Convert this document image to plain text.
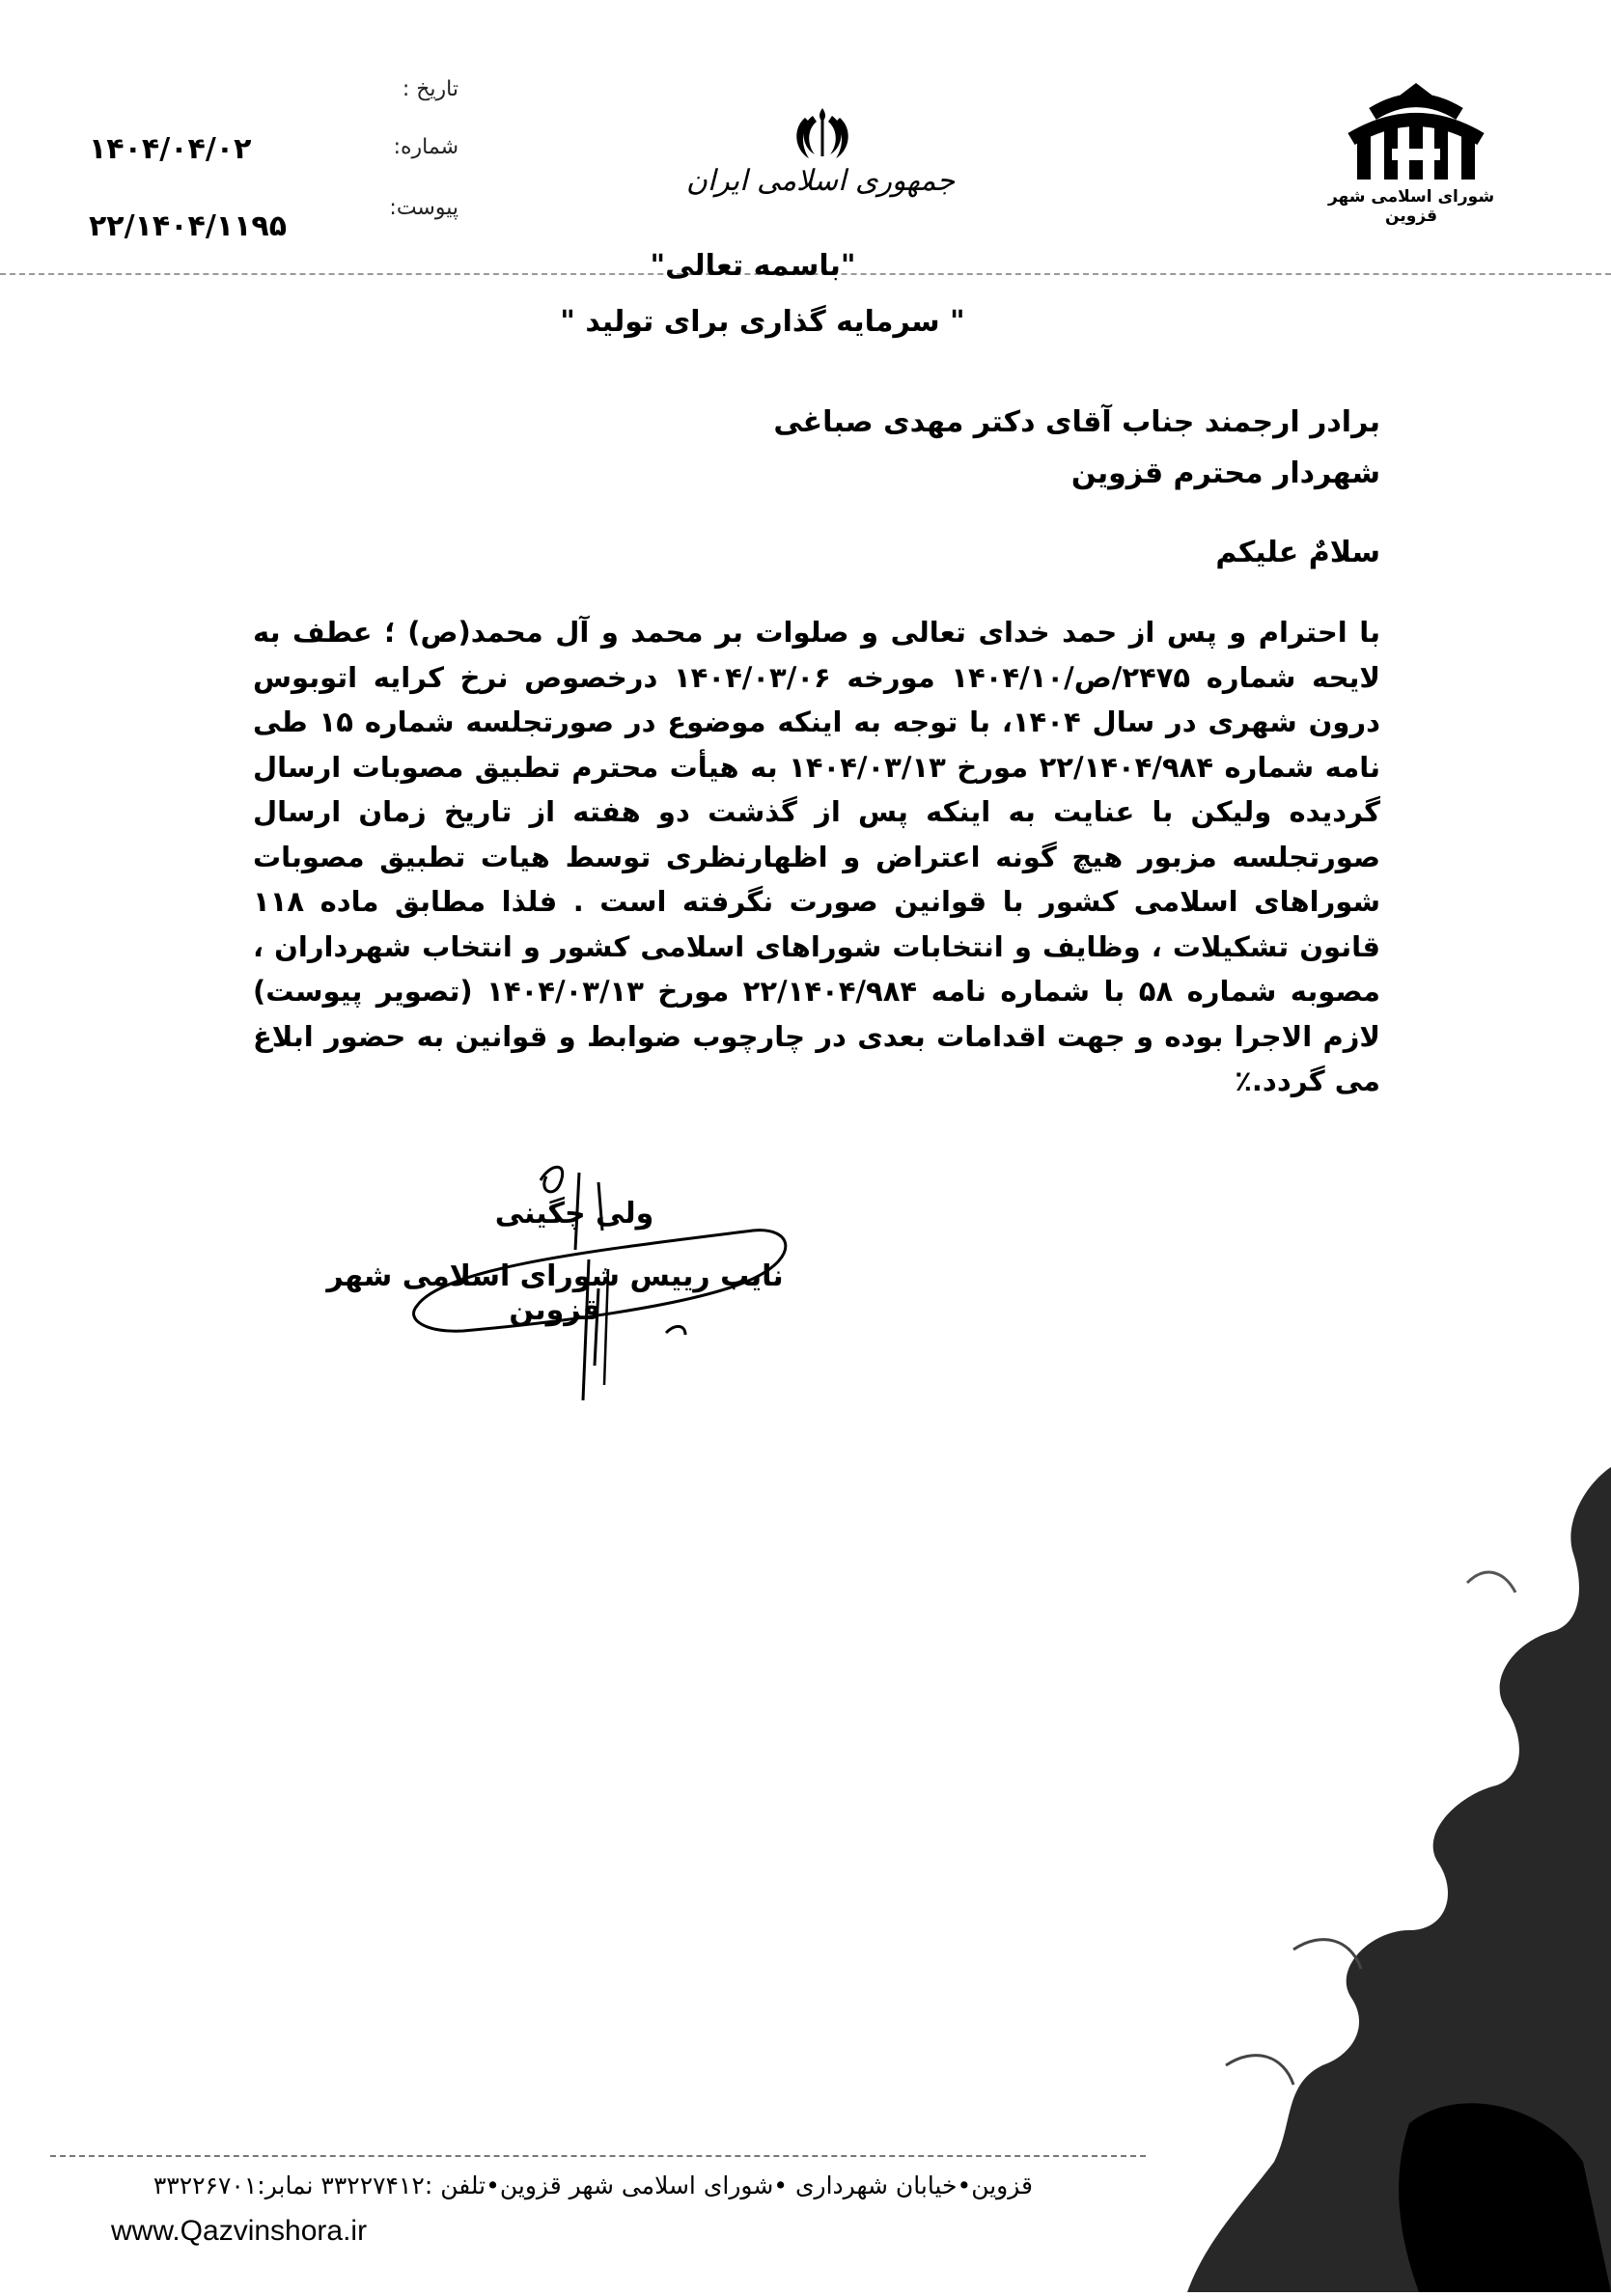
تاریخ :
شماره:
پیوست:
۱۴۰۴/۰۴/۰۲
۲۲/۱۴۰۴/۱۱۹۵
جمهوری اسلامی ایران	شورای اسلامی شهر قزوین
"باسمه تعالی"
" سرمایه گذاری برای تولید "
برادر ارجمند جناب آقای دکتر مهدی صباغی
شهردار محترم قزوین
سلامٌ علیکم
با احترام و پس از حمد خدای تعالی و صلوات بر محمد و آل محمد(ص) ؛ عطف به لایحه شماره ۲۴۷۵/ص/۱۴۰۴/۱۰ مورخه ۱۴۰۴/۰۳/۰۶ درخصوص نرخ کرایه اتوبوس درون شهری در سال ۱۴۰۴، با توجه به اینکه موضوع در صورتجلسه شماره ۱۵ طی نامه شماره ۲۲/۱۴۰۴/۹۸۴ مورخ ۱۴۰۴/۰۳/۱۳ به هیأت محترم تطبیق مصوبات ارسال گردیده ولیکن با عنایت به اینکه پس از گذشت دو هفته از تاریخ زمان ارسال صورتجلسه مزبور هیچ گونه اعتراض و اظهارنظری توسط هیات تطبیق مصوبات شوراهای اسلامی کشور با قوانین صورت نگرفته است . فلذا مطابق ماده ۱۱۸ قانون تشکیلات ، وظایف و انتخابات شوراهای اسلامی کشور و انتخاب شهرداران ، مصوبه شماره ۵۸ با شماره نامه ۲۲/۱۴۰۴/۹۸۴ مورخ ۱۴۰۴/۰۳/۱۳ (تصویر پیوست) لازم الاجرا بوده و جهت اقدامات بعدی در چارچوب ضوابط و قوانین به حضور ابلاغ می گردد.٪
ولی چگینی
نایب رییس شورای اسلامی شهر قزوین
قزوین•خیابان شهرداری •شورای اسلامی شهر قزوین•تلفن :۳۳۲۲۷۴۱۲ نمابر:۳۳۲۲۶۷۰۱
www.Qazvinshora.ir
